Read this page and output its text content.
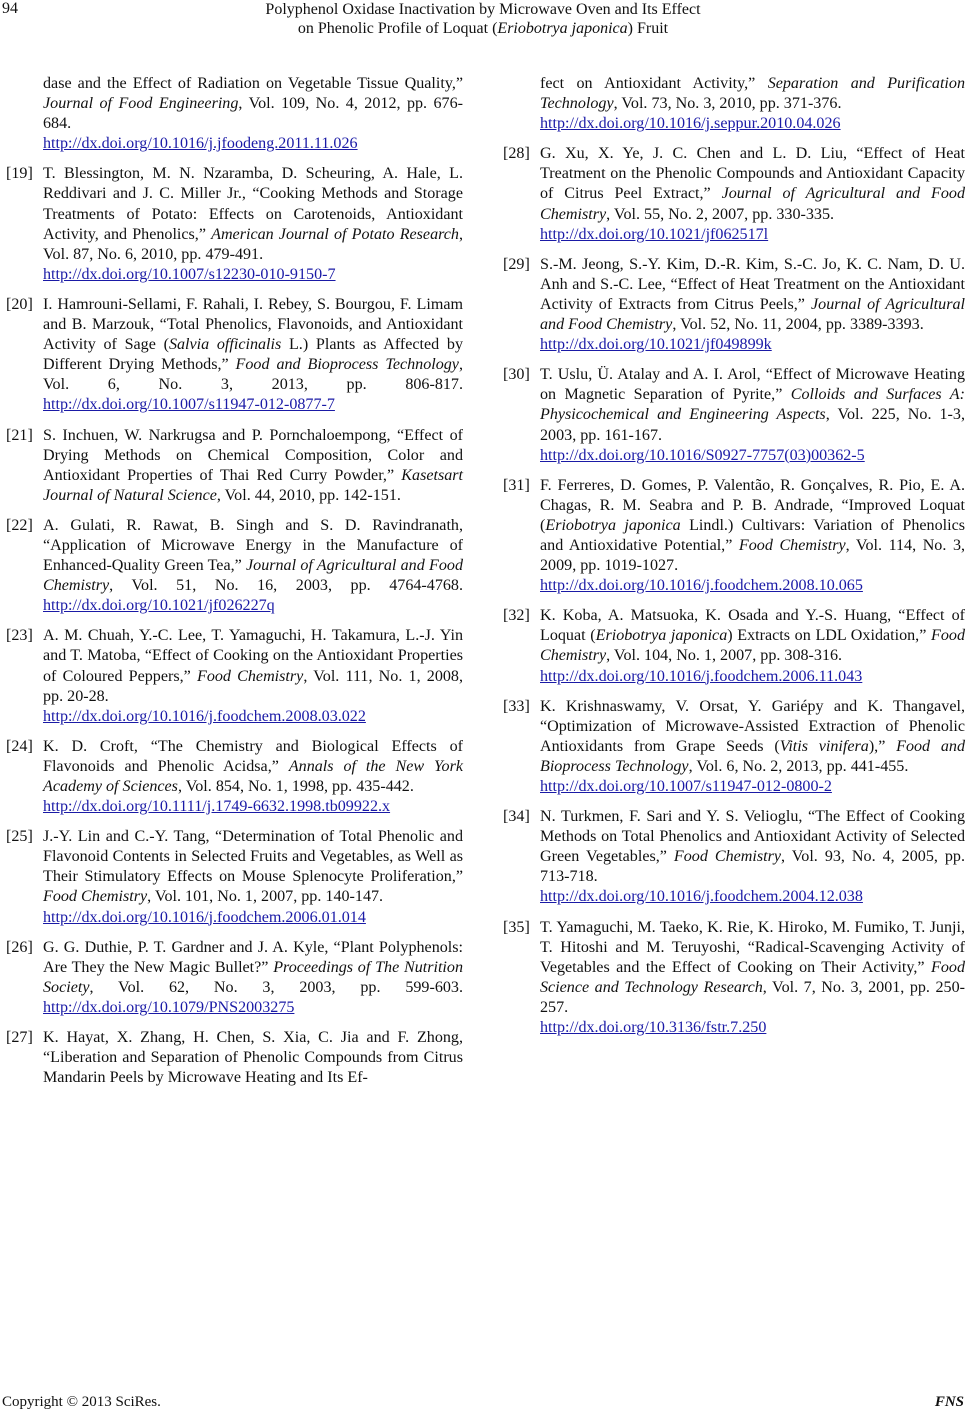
94	Polyphenol Oxidase Inactivation by Microwave Oven and Its Effect
on Phenolic Profile of Loquat (Eriobotrya japonica) Fruit
dase and the Effect of Radiation on Vegetable Tissue Quality,” Journal of Food Engineering, Vol. 109, No. 4, 2012, pp. 676-684.
http://dx.doi.org/10.1016/j.jfoodeng.2011.11.026
[19] T. Blessington, M. N. Nzaramba, D. Scheuring, A. Hale, L. Reddivari and J. C. Miller Jr., “Cooking Methods and Storage Treatments of Potato: Effects on Carotenoids, Antioxidant Activity, and Phenolics,” American Journal of Potato Research, Vol. 87, No. 6, 2010, pp. 479-491.
http://dx.doi.org/10.1007/s12230-010-9150-7
[20] I. Hamrouni-Sellami, F. Rahali, I. Rebey, S. Bourgou, F. Limam and B. Marzouk, “Total Phenolics, Flavonoids, and Antioxidant Activity of Sage (Salvia officinalis L.) Plants as Affected by Different Drying Methods,” Food and Bioprocess Technology, Vol. 6, No. 3, 2013, pp. 806-817. http://dx.doi.org/10.1007/s11947-012-0877-7
[21] S. Inchuen, W. Narkrugsa and P. Pornchaloempong, “Effect of Drying Methods on Chemical Composition, Color and Antioxidant Properties of Thai Red Curry Powder,” Kasetsart Journal of Natural Science, Vol. 44, 2010, pp. 142-151.
[22] A. Gulati, R. Rawat, B. Singh and S. D. Ravindranath, “Application of Microwave Energy in the Manufacture of Enhanced-Quality Green Tea,” Journal of Agricultural and Food Chemistry, Vol. 51, No. 16, 2003, pp. 4764-4768. http://dx.doi.org/10.1021/jf026227q
[23] A. M. Chuah, Y.-C. Lee, T. Yamaguchi, H. Takamura, L.-J. Yin and T. Matoba, “Effect of Cooking on the Antioxidant Properties of Coloured Peppers,” Food Chemistry, Vol. 111, No. 1, 2008, pp. 20-28.
http://dx.doi.org/10.1016/j.foodchem.2008.03.022
[24] K. D. Croft, “The Chemistry and Biological Effects of Flavonoids and Phenolic Acidsa,” Annals of the New York Academy of Sciences, Vol. 854, No. 1, 1998, pp. 435-442.
http://dx.doi.org/10.1111/j.1749-6632.1998.tb09922.x
[25] J.-Y. Lin and C.-Y. Tang, “Determination of Total Phenolic and Flavonoid Contents in Selected Fruits and Vegetables, as Well as Their Stimulatory Effects on Mouse Splenocyte Proliferation,” Food Chemistry, Vol. 101, No. 1, 2007, pp. 140-147.
http://dx.doi.org/10.1016/j.foodchem.2006.01.014
[26] G. G. Duthie, P. T. Gardner and J. A. Kyle, “Plant Polyphenols: Are They the New Magic Bullet?” Proceedings of The Nutrition Society, Vol. 62, No. 3, 2003, pp. 599-603. http://dx.doi.org/10.1079/PNS2003275
[27] K. Hayat, X. Zhang, H. Chen, S. Xia, C. Jia and F. Zhong, “Liberation and Separation of Phenolic Compounds from Citrus Mandarin Peels by Microwave Heating and Its Ef-
fect on Antioxidant Activity,” Separation and Purification Technology, Vol. 73, No. 3, 2010, pp. 371-376.
http://dx.doi.org/10.1016/j.seppur.2010.04.026
[28] G. Xu, X. Ye, J. C. Chen and L. D. Liu, “Effect of Heat Treatment on the Phenolic Compounds and Antioxidant Capacity of Citrus Peel Extract,” Journal of Agricultural and Food Chemistry, Vol. 55, No. 2, 2007, pp. 330-335.
http://dx.doi.org/10.1021/jf062517l
[29] S.-M. Jeong, S.-Y. Kim, D.-R. Kim, S.-C. Jo, K. C. Nam, D. U. Anh and S.-C. Lee, “Effect of Heat Treatment on the Antioxidant Activity of Extracts from Citrus Peels,” Journal of Agricultural and Food Chemistry, Vol. 52, No. 11, 2004, pp. 3389-3393.
http://dx.doi.org/10.1021/jf049899k
[30] T. Uslu, Ü. Atalay and A. I. Arol, “Effect of Microwave Heating on Magnetic Separation of Pyrite,” Colloids and Surfaces A: Physicochemical and Engineering Aspects, Vol. 225, No. 1-3, 2003, pp. 161-167.
http://dx.doi.org/10.1016/S0927-7757(03)00362-5
[31] F. Ferreres, D. Gomes, P. Valentão, R. Gonçalves, R. Pio, E. A. Chagas, R. M. Seabra and P. B. Andrade, “Improved Loquat (Eriobotrya japonica Lindl.) Cultivars: Variation of Phenolics and Antioxidative Potential,” Food Chemistry, Vol. 114, No. 3, 2009, pp. 1019-1027.
http://dx.doi.org/10.1016/j.foodchem.2008.10.065
[32] K. Koba, A. Matsuoka, K. Osada and Y.-S. Huang, “Effect of Loquat (Eriobotrya japonica) Extracts on LDL Oxidation,” Food Chemistry, Vol. 104, No. 1, 2007, pp. 308-316.
http://dx.doi.org/10.1016/j.foodchem.2006.11.043
[33] K. Krishnaswamy, V. Orsat, Y. Gariépy and K. Thangavel, “Optimization of Microwave-Assisted Extraction of Phenolic Antioxidants from Grape Seeds (Vitis vinifera),” Food and Bioprocess Technology, Vol. 6, No. 2, 2013, pp. 441-455.
http://dx.doi.org/10.1007/s11947-012-0800-2
[34] N. Turkmen, F. Sari and Y. S. Velioglu, “The Effect of Cooking Methods on Total Phenolics and Antioxidant Activity of Selected Green Vegetables,” Food Chemistry, Vol. 93, No. 4, 2005, pp. 713-718.
http://dx.doi.org/10.1016/j.foodchem.2004.12.038
[35] T. Yamaguchi, M. Taeko, K. Rie, K. Hiroko, M. Fumiko, T. Junji, T. Hitoshi and M. Teruyoshi, “Radical-Scavenging Activity of Vegetables and the Effect of Cooking on Their Activity,” Food Science and Technology Research, Vol. 7, No. 3, 2001, pp. 250-257.
http://dx.doi.org/10.3136/fstr.7.250
Copyright © 2013 SciRes.	FNS
